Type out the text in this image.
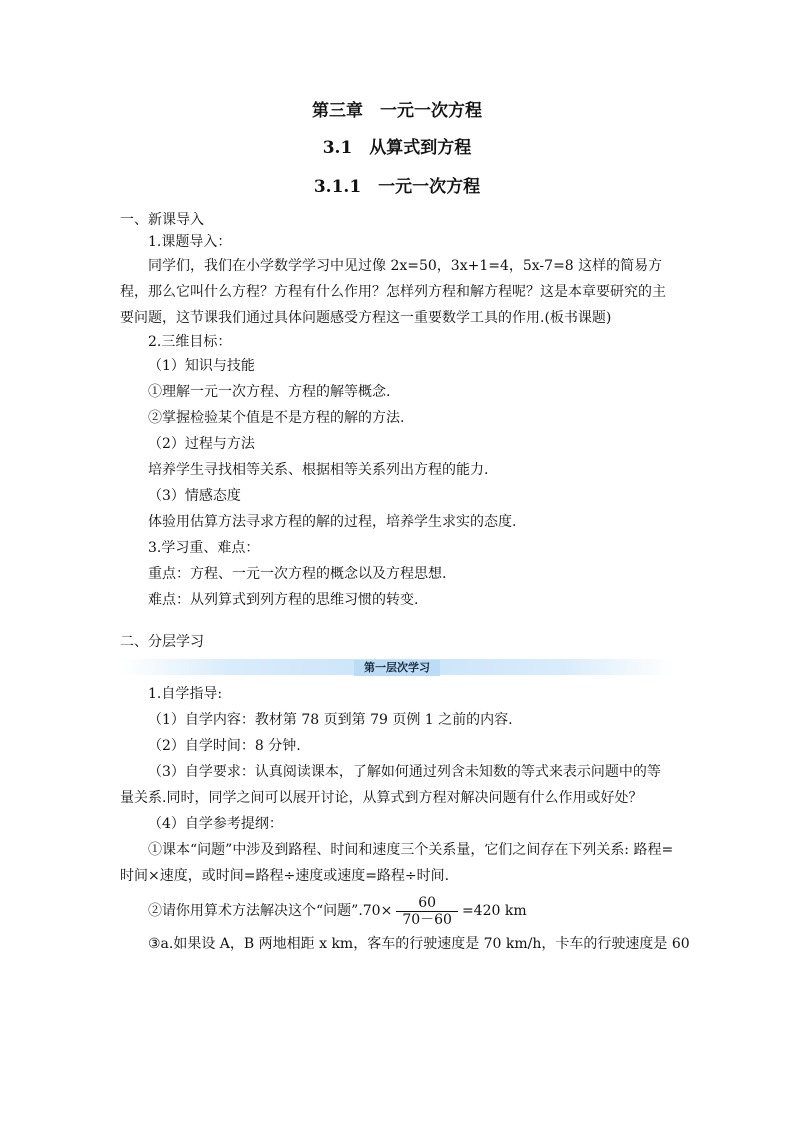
第三章　一元一次方程

3.1　从算式到方程

3.1.1　一元一次方程

一、新课导入

1.课题导入：

同学们，我们在小学数学学习中见过像 2x=50，3x+1=4，5x-7=8 这样的简易方程，那么它叫什么方程？方程有什么作用？怎样列方程和解方程呢？这是本章要研究的主要问题，这节课我们通过具体问题感受方程这一重要数学工具的作用.(板书课题)

2.三维目标：

（1）知识与技能

①理解一元一次方程、方程的解等概念.

②掌握检验某个值是不是方程的解的方法.

（2）过程与方法

培养学生寻找相等关系、根据相等关系列出方程的能力.

（3）情感态度

体验用估算方法寻求方程的解的过程，培养学生求实的态度.

3.学习重、难点：

重点：方程、一元一次方程的概念以及方程思想.

难点：从列算式到列方程的思维习惯的转变.

二、分层学习

第一层次学习

1.自学指导:

（1）自学内容：教材第 78 页到第 79 页例 1 之前的内容.

（2）自学时间：8 分钟.

（3）自学要求：认真阅读课本，了解如何通过列含未知数的等式来表示问题中的等量关系.同时，同学之间可以展开讨论，从算式到方程对解决问题有什么作用或好处？

（4）自学参考提纲：

①课本“问题”中涉及到路程、时间和速度三个关系量，它们之间存在下列关系: 路程=时间×速度，或时间=路程÷速度或速度=路程÷时间.

②请你用算术方法解决这个“问题”.70× $\frac{60}{70-60} =420$ km

③a.如果设 A，B 两地相距 x km，客车的行驶速度是 70 km/h，卡车的行驶速度是 60
